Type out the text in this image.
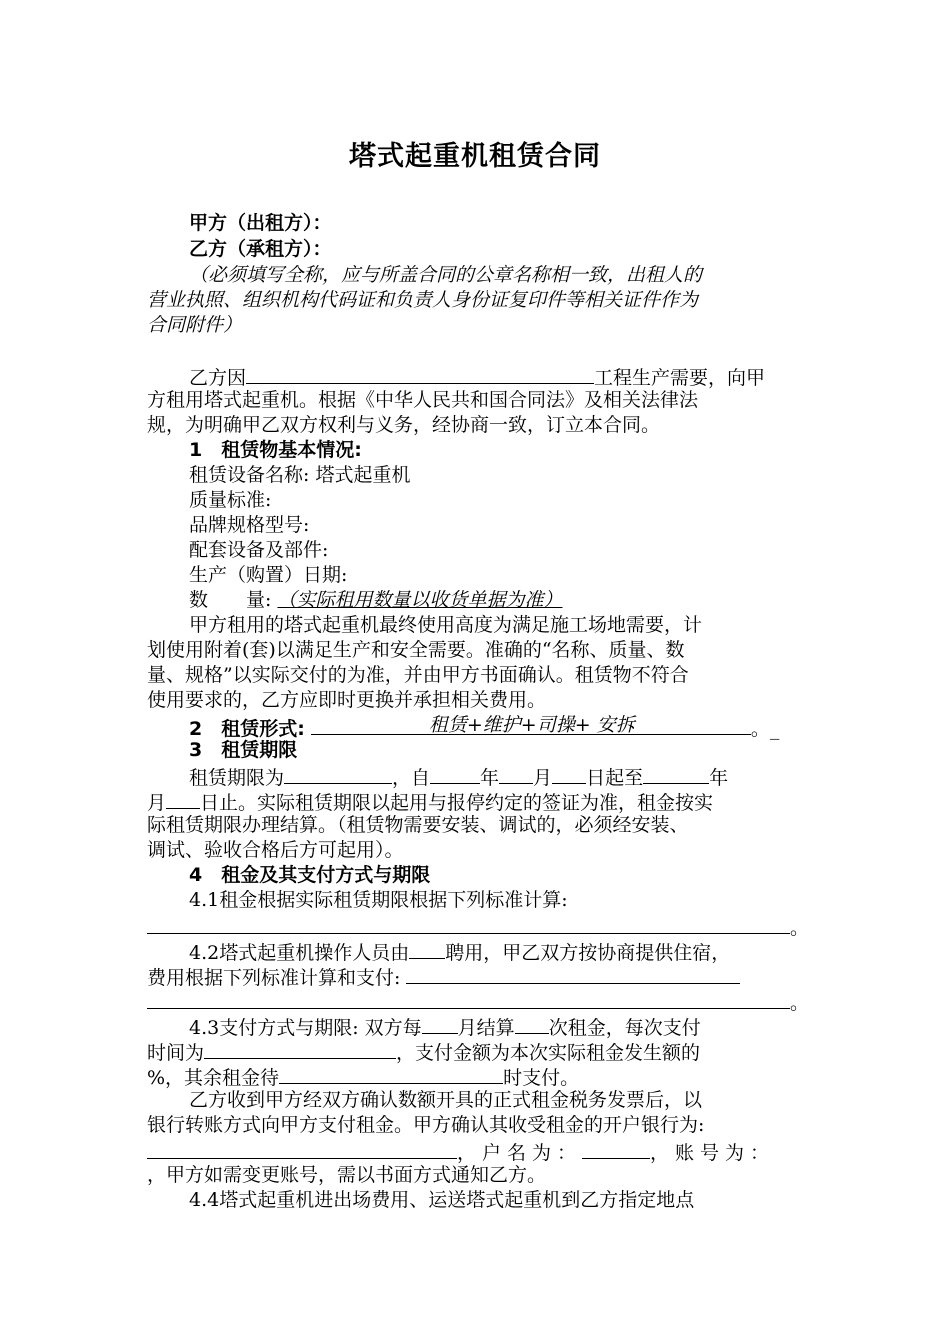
塔式起重机租赁合同
甲方（出租方）：
乙方（承租方）：
（必须填写全称，应与所盖合同的公章名称相一致，出租人的
营业执照、组织机构代码证和负责人身份证复印件等相关证件作为
合同附件）
乙方因	工程生产需要，向甲
方租用塔式起重机。根据《中华人民共和国合同法》及相关法律法
规，为明确甲乙双方权利与义务，经协商一致，订立本合同。
1　租赁物基本情况:
租赁设备名称: 塔式起重机
质量标准:
品牌规格型号:
配套设备及部件:
生产（购置）日期:
数　　量: （实际租用数量以收货单据为准）
甲方租用的塔式起重机最终使用高度为满足施工场地需要，计
划使用附着(套)以满足生产和安全需要。准确的“名称、质量、数
量、规格”以实际交付的为准，并由甲方书面确认。租赁物不符合
使用要求的，乙方应即时更换并承担相关费用。
2　租赁形式:	租赁+维护+司操+ 安拆	。_
3　租赁期限
租赁期限为	，自	年 月 日起至	年
月 日止。实际租赁期限以起用与报停约定的签证为准，租金按实
际租赁期限办理结算。（租赁物需要安装、调试的，必须经安装、
调试、验收合格后方可起用）。
4　租金及其支付方式与期限
4.1租金根据实际租赁期限根据下列标准计算:
。
4.2塔式起重机操作人员由 聘用，甲乙双方按协商提供住宿，
费用根据下列标准计算和支付:
。
4.3支付方式与期限: 双方每 月结算 次租金，每次支付
时间为	，支付金额为本次实际租金发生额的
%，其余租金待	时支付。
乙方收到甲方经双方确认数额开具的正式租金税务发票后，以
银行转账方式向甲方支付租金。甲方确认其收受租金的开户银行为:
，户名为：	，账号为：
，甲方如需变更账号，需以书面方式通知乙方。
4.4塔式起重机进出场费用、运送塔式起重机到乙方指定地点
